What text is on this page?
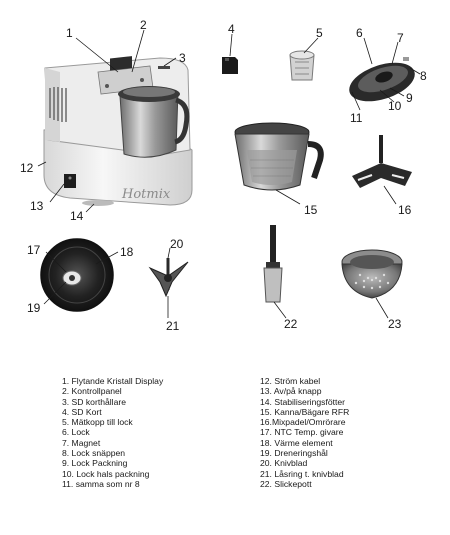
Hotmix
1
2
3
4	5	6	7
8
9
10
11
12
13
14	15	16
17	18
19
20
21	22	23
1. Flytande Kristall Display
2. Kontrollpanel
3. SD korthållare
4. SD Kort
5. Mätkopp till lock
6. Lock
7. Magnet
8. Lock snäppen
9. Lock Packning
10. Lock hals packning
11. samma som nr 8
12. Ström kabel
13. Av/på knapp
14. Stabiliseringsfötter
15. Kanna/Bägare RFR
16.Mixpadel/Omrörare
17. NTC Temp. givare
18. Värme element
19. Dreneringshål
20. Knivblad
21. Låsring t. knivblad
22. Slickepott
